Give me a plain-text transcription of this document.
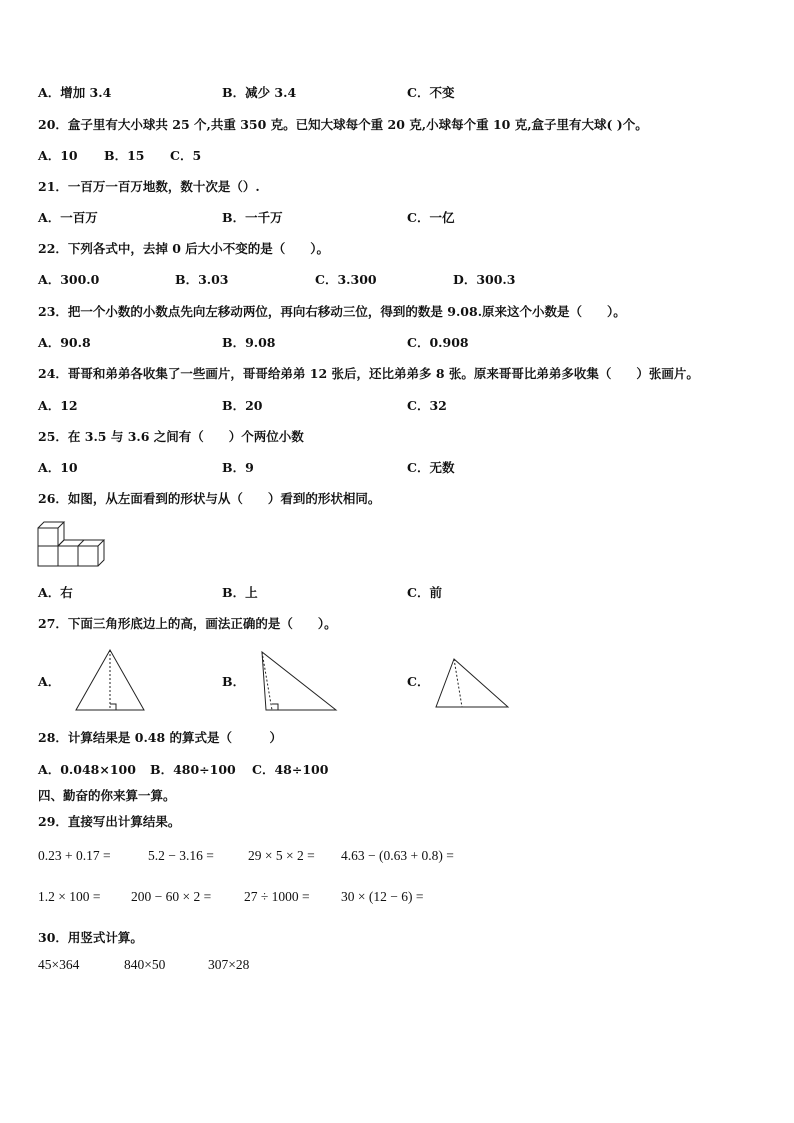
A．增加 3.4	B．减少 3.4	C．不变
20．盒子里有大小球共 25 个,共重 350 克。已知大球每个重 20 克,小球每个重 10 克,盒子里有大球( )个。
A．10 B．15 C．5
21．一百万一百万地数，数十次是（）.
A．一百万	B．一千万	C．一亿
22．下列各式中，去掉 0 后大小不变的是（　　）。
A．300.0	B．3.03	C．3.300	D．300.3
23．把一个小数的小数点先向左移动两位，再向右移动三位，得到的数是 9.08.原来这个小数是（　　）。
A．90.8	B．9.08	C．0.908
24．哥哥和弟弟各收集了一些画片，哥哥给弟弟 12 张后，还比弟弟多 8 张。原来哥哥比弟弟多收集（　　）张画片。
A．12	B．20	C．32
25．在 3.5 与 3.6 之间有（　　）个两位小数
A．10	B．9	C．无数
26．如图，从左面看到的形状与从（　　）看到的形状相同。
A．右	B．上	C．前
27．下面三角形底边上的高，画法正确的是（　　）。
A．	B．	C．
28．计算结果是 0.48 的算式是（　　　）
A．0.048×100 B．480÷100 C．48÷100
四、勤奋的你来算一算。
29．直接写出计算结果。
0.23 + 0.17 =	5.2 − 3.16 =	29 × 5 × 2 = 4.63 − (0.63 + 0.8) =
1.2 × 100 = 200 − 60 × 2 = 27 ÷ 1000 = 30 × (12 − 6) =
30．用竖式计算。
45×364	840×50	307×28
